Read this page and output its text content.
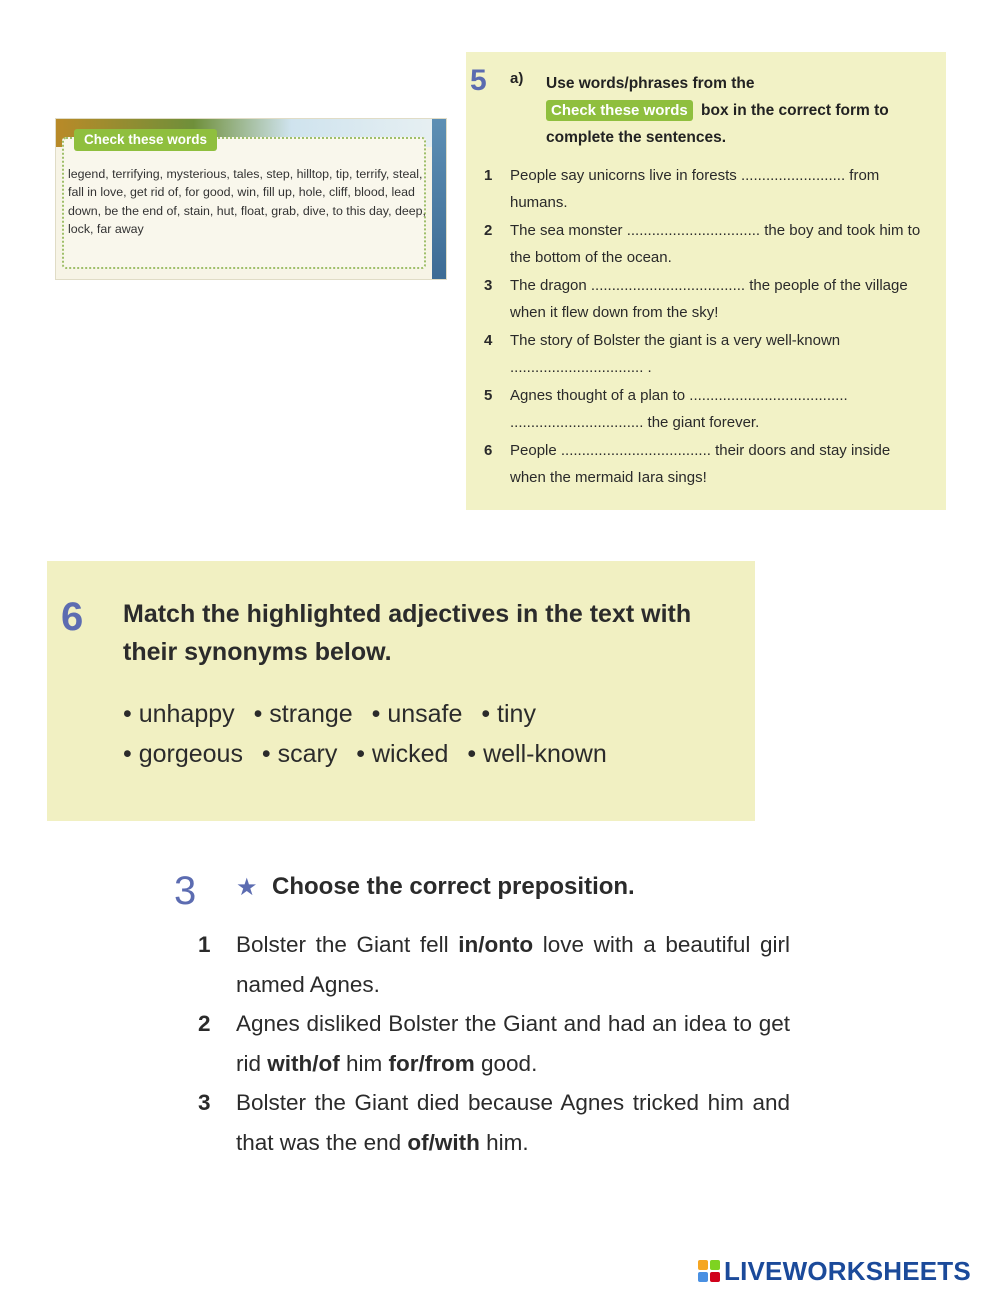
Check these words
legend, terrifying, mysterious, tales, step, hilltop, tip, terrify, steal, fall in love, get rid of, for good, win, fill up, hole, cliff, blood, lead down, be the end of, stain, hut, float, grab, dive, to this day, deep, lock, far away
5 a) Use words/phrases from the
Check these words box in the correct form to complete the sentences.
1 People say unicorns live in forests ......................... from humans.
2 The sea monster ................................ the boy and took him to the bottom of the ocean.
3 The dragon ..................................... the people of the village when it flew down from the sky!
4 The story of Bolster the giant is a very well-known ................................ .
5 Agnes thought of a plan to ...................................... ................................ the giant forever.
6 People .................................... their doors and stay inside when the mermaid Iara sings!
6 Match the highlighted adjectives in the text with their synonyms below.
• unhappy • strange • unsafe • tiny
• gorgeous • scary • wicked • well-known
3 ★ Choose the correct preposition.
1 Bolster the Giant fell in/onto love with a beautiful girl named Agnes.
2 Agnes disliked Bolster the Giant and had an idea to get rid with/of him for/from good.
3 Bolster the Giant died because Agnes tricked him and that was the end of/with him.
LIVEWORKSHEETS
